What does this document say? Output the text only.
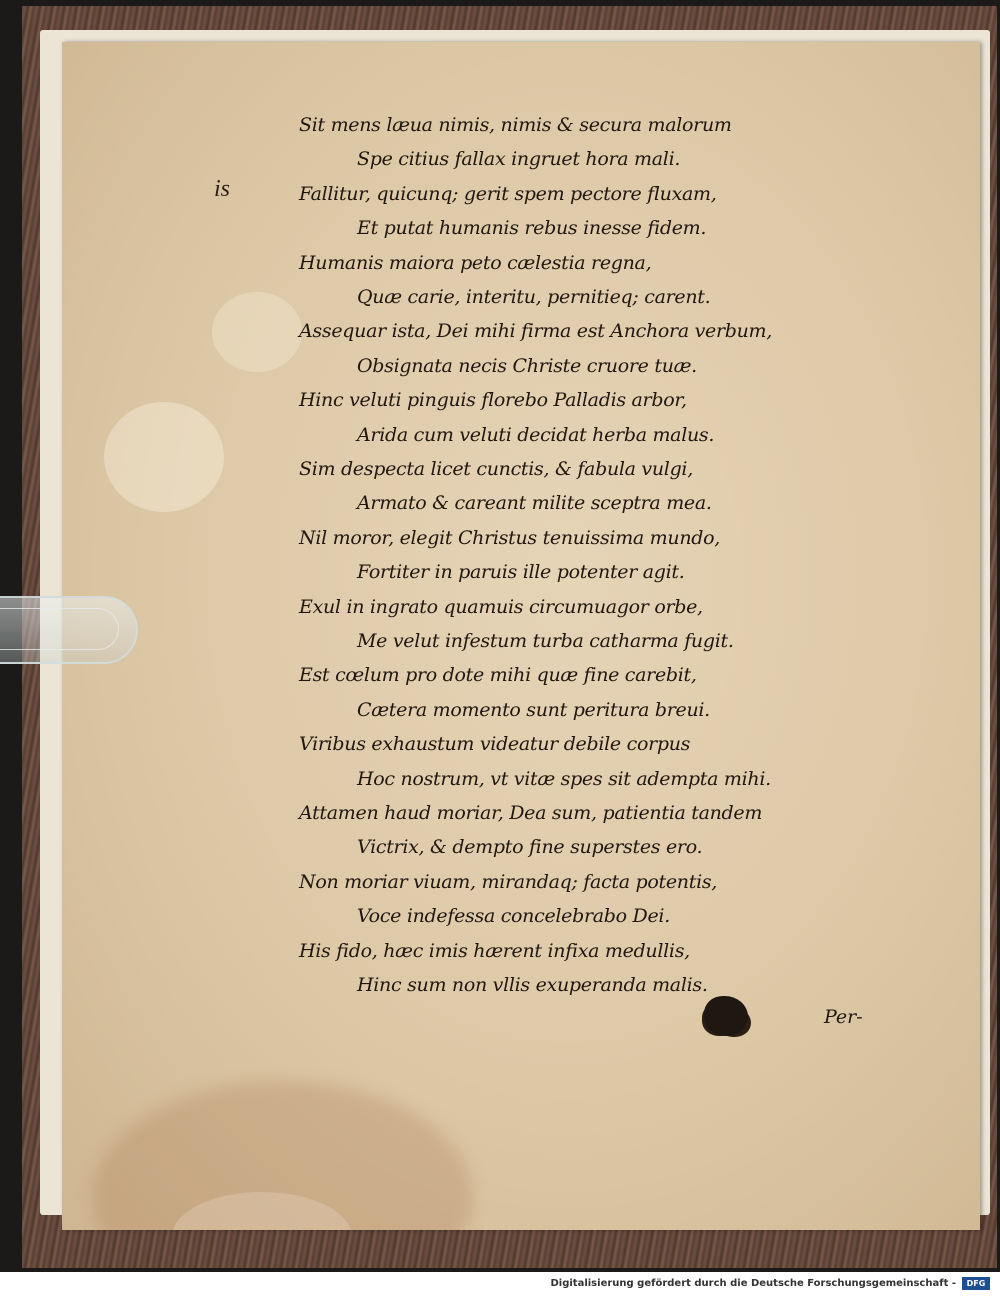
is
Sit mens læua nimis, nimis & secura malorum
Spe citius fallax ingruet hora mali.
Fallitur, quicunq; gerit spem pectore fluxam,
Et putat humanis rebus inesse fidem.
Humanis maiora peto cælestia regna,
Quæ carie, interitu, pernitieq; carent.
Assequar ista, Dei mihi firma est Anchora verbum,
Obsignata necis Christe cruore tuæ.
Hinc veluti pinguis florebo Palladis arbor,
Arida cum veluti decidat herba malus.
Sim despecta licet cunctis, & fabula vulgi,
Armato & careant milite sceptra mea.
Nil moror, elegit Christus tenuissima mundo,
Fortiter in paruis ille potenter agit.
Exul in ingrato quamuis circumuagor orbe,
Me velut infestum turba catharma fugit.
Est cœlum pro dote mihi quæ fine carebit,
Cætera momento sunt peritura breui.
Viribus exhaustum videatur debile corpus
Hoc nostrum, vt vitæ spes sit adempta mihi.
Attamen haud moriar, Dea sum, patientia tandem
Victrix, & dempto fine superstes ero.
Non moriar viuam, mirandaq; facta potentis,
Voce indefessa concelebrabo Dei.
His fido, hæc imis hærent infixa medullis,
Hinc sum non vllis exuperanda malis.
Per-
Digitalisierung gefördert durch die Deutsche Forschungsgemeinschaft -	DFG
